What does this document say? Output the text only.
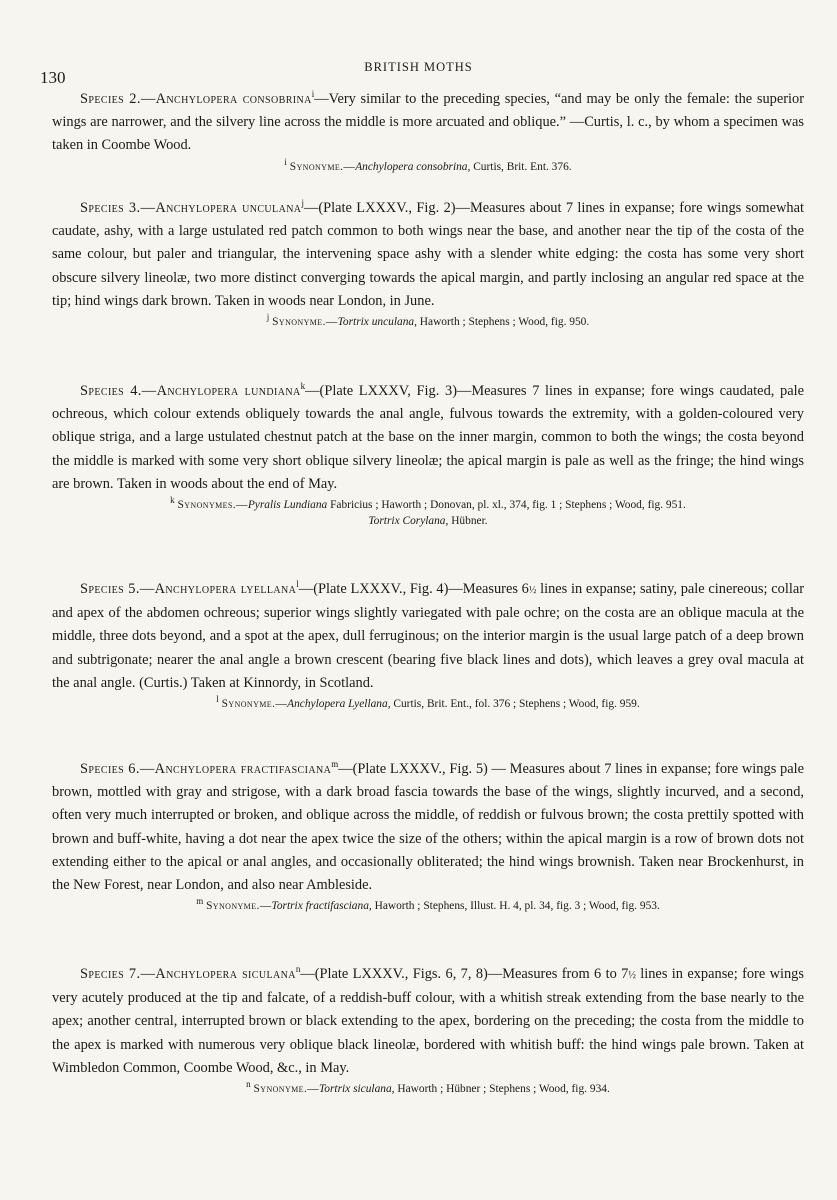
130
BRITISH MOTHS

Species 2.—Anchylopera consobrina$^i$—Very similar to the preceding species, “and may be only the female: the superior wings are narrower, and the silvery line across the middle is more arcuated and oblique.” —Curtis, l. c., by whom a specimen was taken in Coombe Wood.

$^i$ Synonyme.—Anchylopera consobrina, Curtis, Brit. Ent. 376.

Species 3.—Anchylopera unculana$^j$—(Plate LXXXV., Fig. 2)—Measures about 7 lines in expanse; fore wings somewhat caudate, ashy, with a large ustulated red patch common to both wings near the base, and another near the tip of the costa of the same colour, but paler and triangular, the intervening space ashy with a slender white edging: the costa has some very short obscure silvery lineolæ, two more distinct converging towards the apical margin, and partly inclosing an angular red space at the tip; hind wings dark brown. Taken in woods near London, in June.

$^j$ Synonyme.—Tortrix unculana, Haworth ; Stephens ; Wood, fig. 950.

Species 4.—Anchylopera lundiana$^k$—(Plate LXXXV, Fig. 3)—Measures 7 lines in expanse; fore wings caudated, pale ochreous, which colour extends obliquely towards the anal angle, fulvous towards the extremity, with a golden-coloured very oblique striga, and a large ustulated chestnut patch at the base on the inner margin, common to both the wings; the costa beyond the middle is marked with some very short oblique silvery lineolæ; the apical margin is pale as well as the fringe; the hind wings are brown. Taken in woods about the end of May.

$^k$ Synonymes.—Pyralis Lundiana Fabricius ; Haworth ; Donovan, pl. xl., 374, fig. 1 ; Stephens ; Wood, fig. 951.
Tortrix Corylana, Hübner.

Species 5.—Anchylopera lyellana$^l$—(Plate LXXXV., Fig. 4)—Measures 6½ lines in expanse; satiny, pale cinereous; collar and apex of the abdomen ochreous; superior wings slightly variegated with pale ochre; on the costa are an oblique macula at the middle, three dots beyond, and a spot at the apex, dull ferruginous; on the interior margin is the usual large patch of a deep brown and subtrigonate; nearer the anal angle a brown crescent (bearing five black lines and dots), which leaves a grey oval macula at the anal angle. (Curtis.) Taken at Kinnordy, in Scotland.

$^l$ Synonyme.—Anchylopera Lyellana, Curtis, Brit. Ent., fol. 376 ; Stephens ; Wood, fig. 959.

Species 6.—Anchylopera fractifasciana$^m$—(Plate LXXXV., Fig. 5) — Measures about 7 lines in expanse; fore wings pale brown, mottled with gray and strigose, with a dark broad fascia towards the base of the wings, slightly incurved, and a second, often very much interrupted or broken, and oblique across the middle, of reddish or fulvous brown; the costa prettily spotted with brown and buff-white, having a dot near the apex twice the size of the others; within the apical margin is a row of brown dots not extending either to the apical or anal angles, and occasionally obliterated; the hind wings brownish. Taken near Brockenhurst, in the New Forest, near London, and also near Ambleside.

$^m$ Synonyme.—Tortrix fractifasciana, Haworth ; Stephens, Illust. H. 4, pl. 34, fig. 3 ; Wood, fig. 953.

Species 7.—Anchylopera siculana$^n$—(Plate LXXXV., Figs. 6, 7, 8)—Measures from 6 to 7½ lines in expanse; fore wings very acutely produced at the tip and falcate, of a reddish-buff colour, with a whitish streak extending from the base nearly to the apex; another central, interrupted brown or black extending to the apex, bordering on the preceding; the costa from the middle to the apex is marked with numerous very oblique black lineolæ, bordered with whitish buff: the hind wings pale brown. Taken at Wimbledon Common, Coombe Wood, &c., in May.

$^n$ Synonyme.—Tortrix siculana, Haworth ; Hübner ; Stephens ; Wood, fig. 934.
